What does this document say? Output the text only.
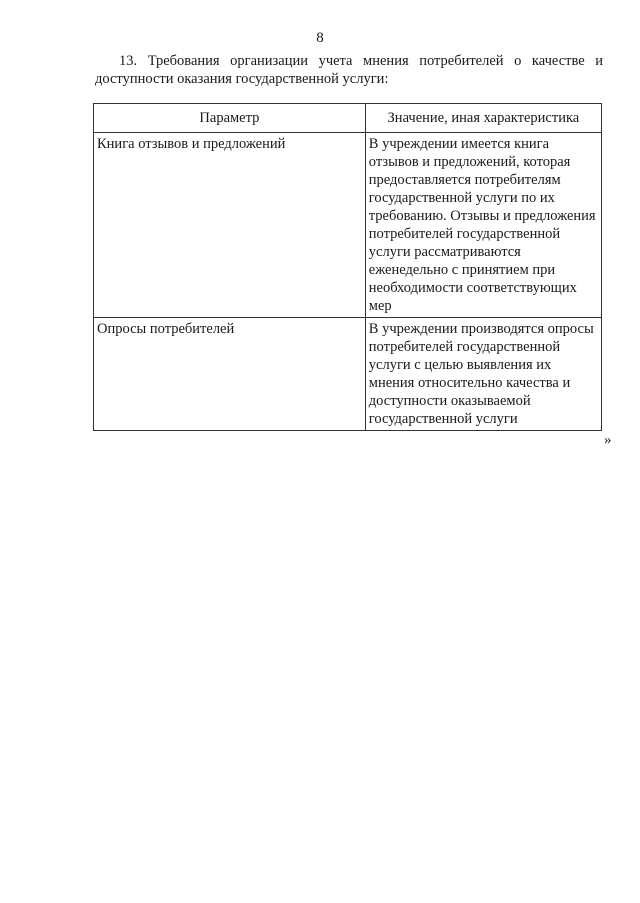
8

13. Требования организации учета мнения потребителей о качестве и доступности оказания государственной услуги:

Параметр	Значение, иная характеристика
Книга отзывов и предложений	В учреждении имеется книга отзывов и предложений, которая предоставляется потребителям государственной услуги по их требованию. Отзывы и предложения потребителей государственной услуги рассматриваются еженедельно с принятием при необходимости соответствующих мер
Опросы потребителей	В учреждении производятся опросы потребителей государственной услуги с целью выявления их мнения относительно качества и доступности оказываемой государственной услуги
»
